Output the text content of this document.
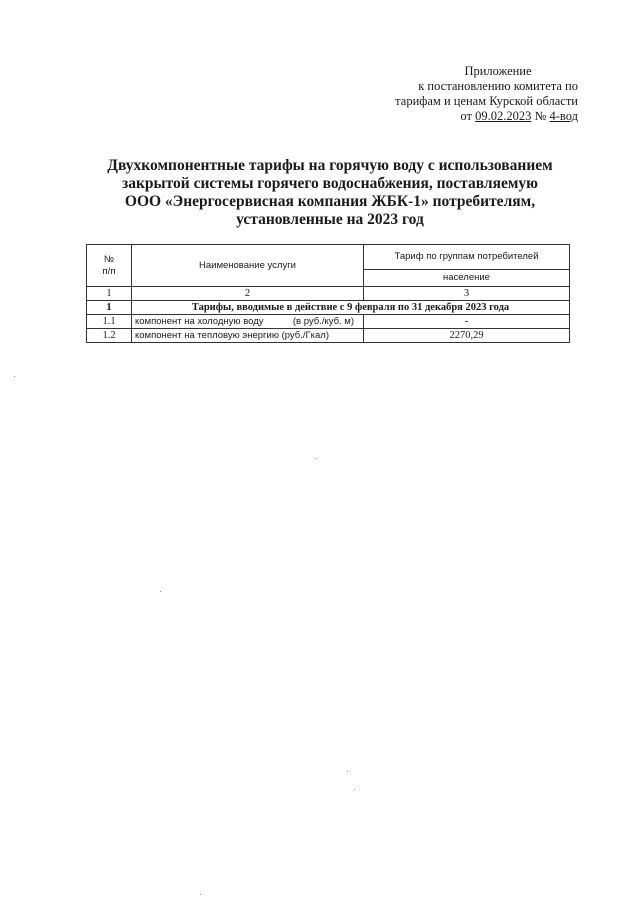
Приложение
к постановлению комитета по
тарифам и ценам Курской области
от 09.02.2023 № 4-вод
Двухкомпонентные тарифы на горячую воду с использованием
закрытой системы горячего водоснабжения, поставляемую
ООО «Энергосервисная компания ЖБК-1» потребителям,
установленные на 2023 год
№
п/п	Наименование услуги	Тариф по группам потребителей
		население
1	2	3
1	Тарифы, вводимые в действие с 9 февраля по 31 декабря 2023 года	
1.1	компонент на холодную воду (в руб./куб. м)	-
1.2	компонент на тепловую энергию (руб./Гкал)	2270,29
